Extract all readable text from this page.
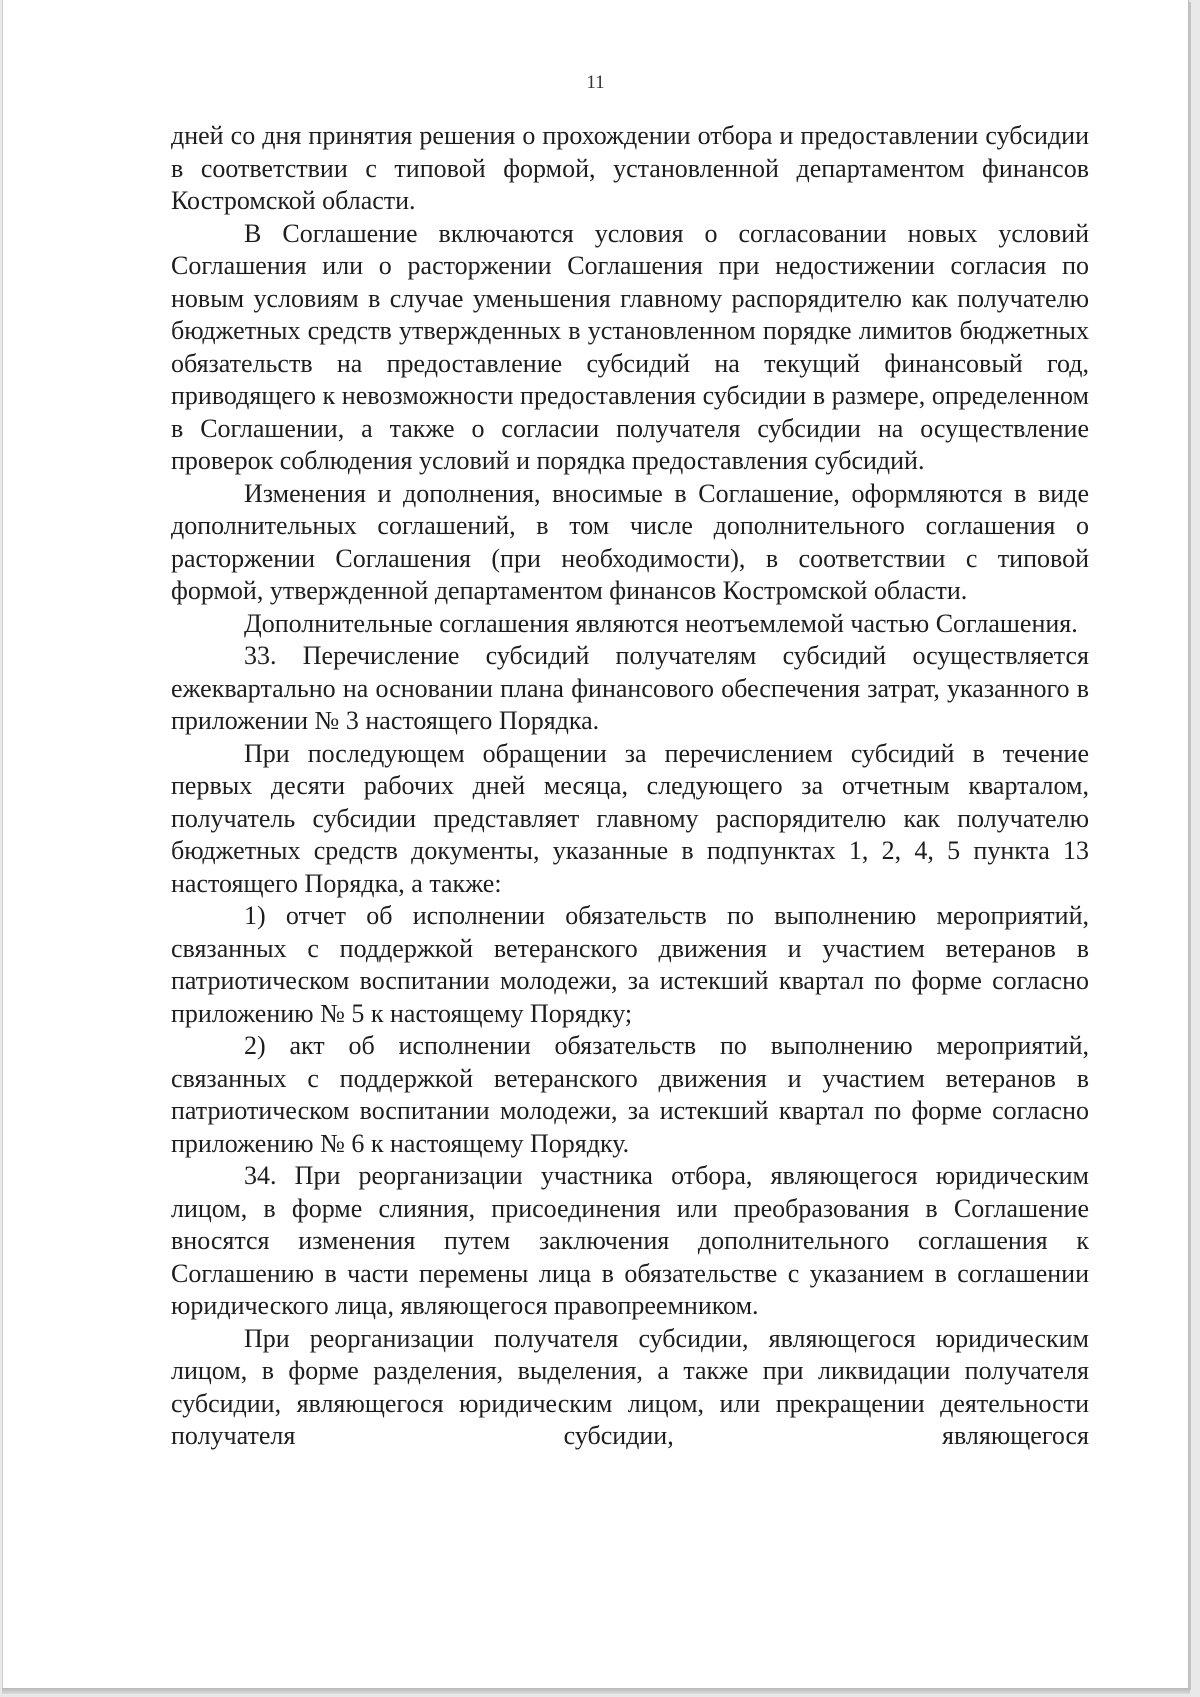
11

дней со дня принятия решения о прохождении отбора и предоставлении субсидии в соответствии с типовой формой, установленной департаментом финансов Костромской области.

В Соглашение включаются условия о согласовании новых условий Соглашения или о расторжении Соглашения при недостижении согласия по новым условиям в случае уменьшения главному распорядителю как получателю бюджетных средств утвержденных в установленном порядке лимитов бюджетных обязательств на предоставление субсидий на текущий финансовый год, приводящего к невозможности предоставления субсидии в размере, определенном в Соглашении, а также о согласии получателя субсидии на осуществление проверок соблюдения условий и порядка предоставления субсидий.

Изменения и дополнения, вносимые в Соглашение, оформляются в виде дополнительных соглашений, в том числе дополнительного соглашения о расторжении Соглашения (при необходимости), в соответствии с типовой формой, утвержденной департаментом финансов Костромской области.

Дополнительные соглашения являются неотъемлемой частью Соглашения.

33. Перечисление субсидий получателям субсидий осуществляется ежеквартально на основании плана финансового обеспечения затрат, указанного в приложении № 3 настоящего Порядка.

При последующем обращении за перечислением субсидий в течение первых десяти рабочих дней месяца, следующего за отчетным кварталом, получатель субсидии представляет главному распорядителю как получателю бюджетных средств документы, указанные в подпунктах 1, 2, 4, 5 пункта 13 настоящего Порядка, а также:

1) отчет об исполнении обязательств по выполнению мероприятий, связанных с поддержкой ветеранского движения и участием ветеранов в патриотическом воспитании молодежи, за истекший квартал по форме согласно приложению № 5 к настоящему Порядку;

2) акт об исполнении обязательств по выполнению мероприятий, связанных с поддержкой ветеранского движения и участием ветеранов в патриотическом воспитании молодежи, за истекший квартал по форме согласно приложению № 6 к настоящему Порядку.

34. При реорганизации участника отбора, являющегося юридическим лицом, в форме слияния, присоединения или преобразования в Соглашение вносятся изменения путем заключения дополнительного соглашения к Соглашению в части перемены лица в обязательстве с указанием в соглашении юридического лица, являющегося правопреемником.

При реорганизации получателя субсидии, являющегося юридическим лицом, в форме разделения, выделения, а также при ликвидации получателя субсидии, являющегося юридическим лицом, или прекращении деятельности получателя субсидии, являющегося
